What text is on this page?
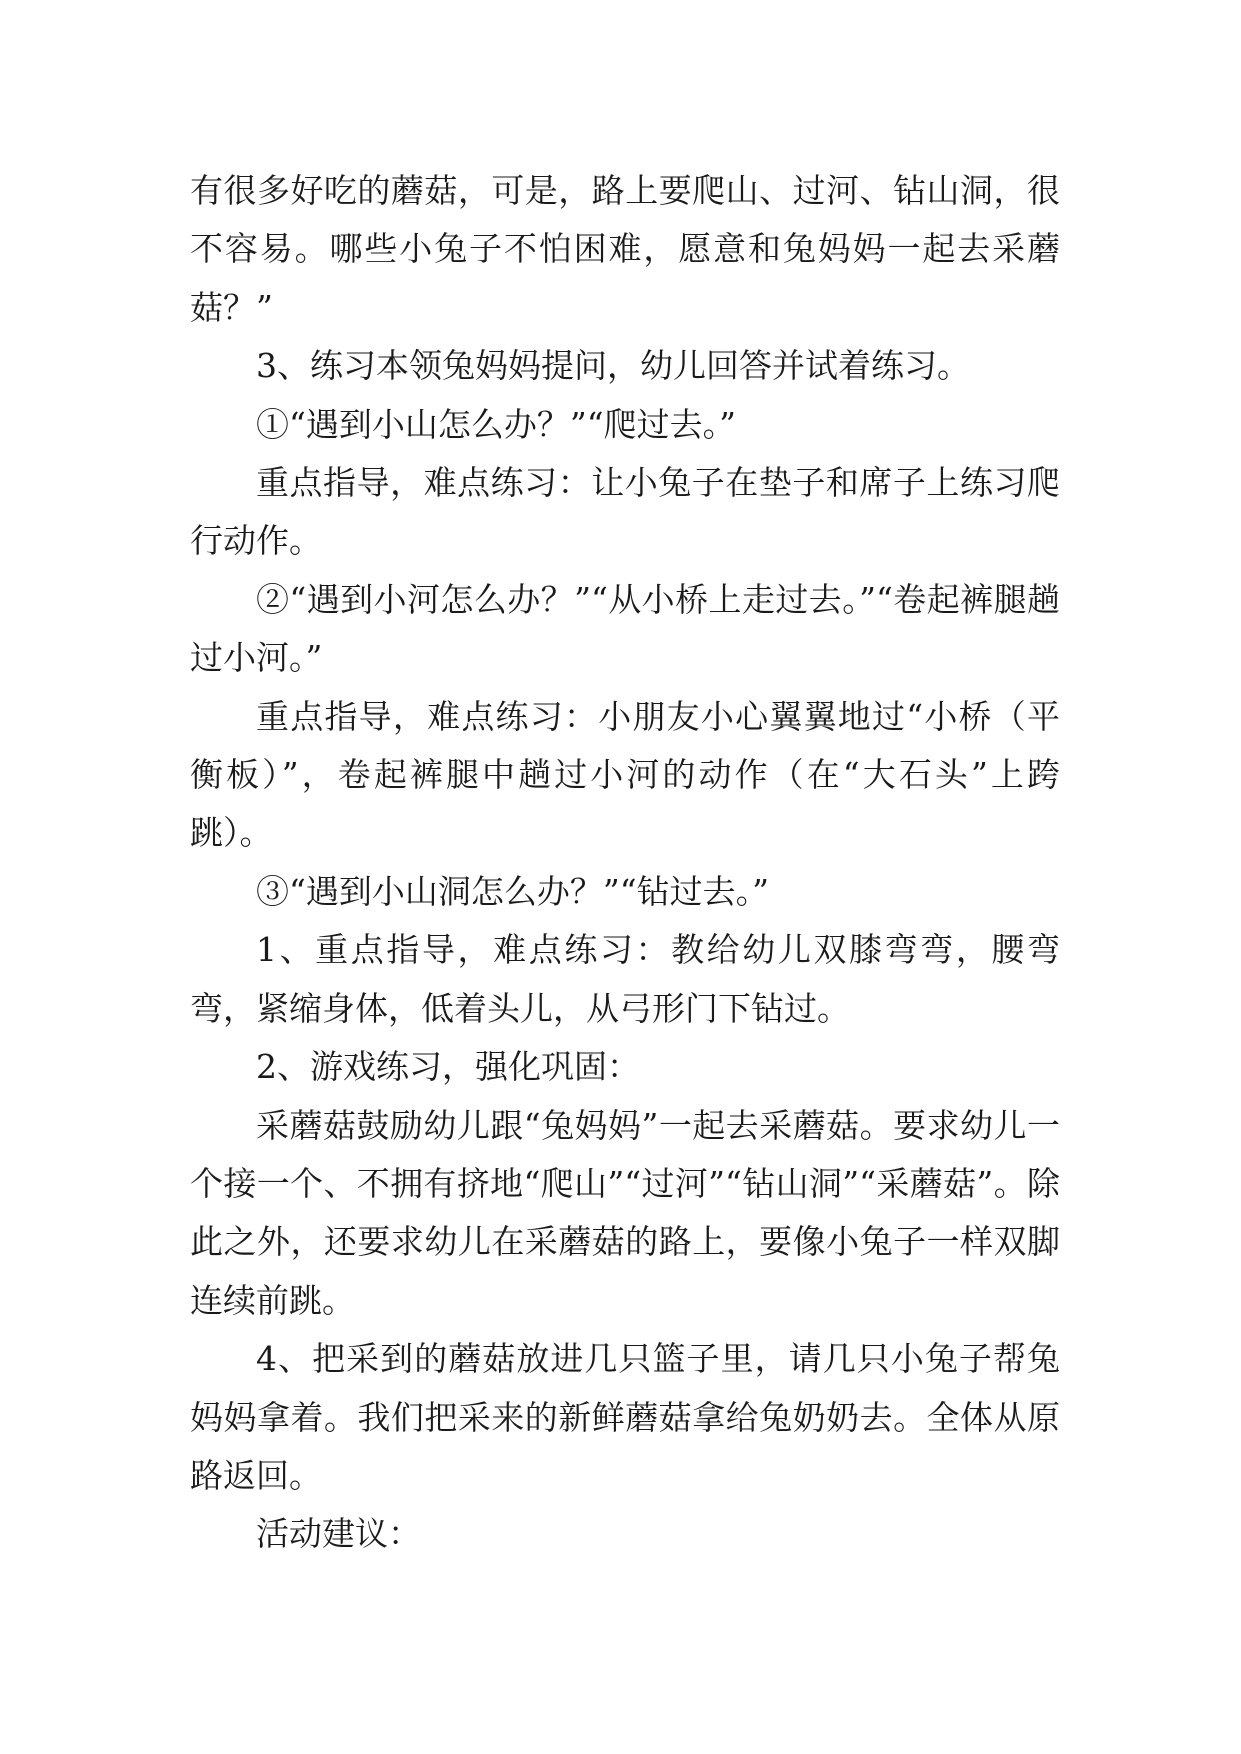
有很多好吃的蘑菇，可是，路上要爬山、过河、钻山洞，很不容易。哪些小兔子不怕困难，愿意和兔妈妈一起去采蘑菇？”

3、练习本领兔妈妈提问，幼儿回答并试着练习。

①“遇到小山怎么办？”“爬过去。”

重点指导，难点练习：让小兔子在垫子和席子上练习爬行动作。

②“遇到小河怎么办？”“从小桥上走过去。”“卷起裤腿趟过小河。”

重点指导，难点练习：小朋友小心翼翼地过“小桥（平衡板）”，卷起裤腿中趟过小河的动作（在“大石头”上跨跳）。

③“遇到小山洞怎么办？”“钻过去。”

1、重点指导，难点练习：教给幼儿双膝弯弯，腰弯弯，紧缩身体，低着头儿，从弓形门下钻过。

2、游戏练习，强化巩固：

采蘑菇鼓励幼儿跟“兔妈妈”一起去采蘑菇。要求幼儿一个接一个、不拥有挤地“爬山”“过河”“钻山洞”“采蘑菇”。除此之外，还要求幼儿在采蘑菇的路上，要像小兔子一样双脚连续前跳。

4、把采到的蘑菇放进几只篮子里，请几只小兔子帮兔妈妈拿着。我们把采来的新鲜蘑菇拿给兔奶奶去。全体从原路返回。

活动建议：
